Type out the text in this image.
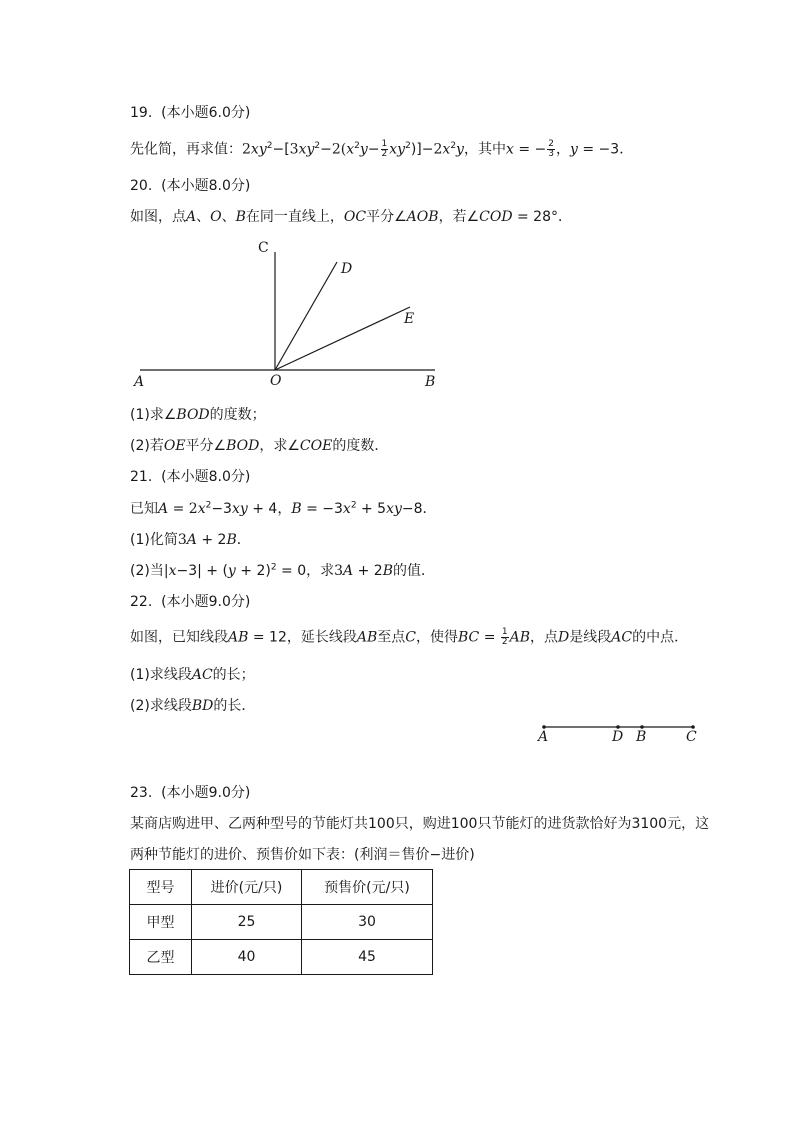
19.  (本小题6.0分)
先化简，再求值：$2xy^2-[3xy^2-2(x^2y- \frac{1}{2} xy^2)]-2x^2y$，其中x = − $\frac{2}{3}$ ，y = −3．
20.  (本小题8.0分)
如图，点A、O、B在同一直线上，OC平分∠AOB，若∠COD = 28°．
A	O	B
C
D
E
(1)求∠BOD的度数；
(2)若OE平分∠BOD，求∠COE的度数．
21.  (本小题8.0分)
已知$A = 2x^2-3xy + 4$，$B = -3x^2 + 5xy-8$．
(1)化简3A + 2B．
(2)当$|x-3| + (y + 2)^2 = 0$，求3A + 2B的值．
22.  (本小题9.0分)
如图，已知线段AB = 12，延长线段AB至点C，使得BC = $\frac{1}{2}$ AB，点D是线段AC的中点．
(1)求线段AC的长；
(2)求线段BD的长．
A	D B	C
23.  (本小题9.0分)
某商店购进甲、乙两种型号的节能灯共100只，购进100只节能灯的进货款恰好为3100元，这
两种节能灯的进价、预售价如下表：(利润＝售价−进价)
型号	进价(元/只)	预售价(元/只)
甲型	25	30
乙型	40	45
